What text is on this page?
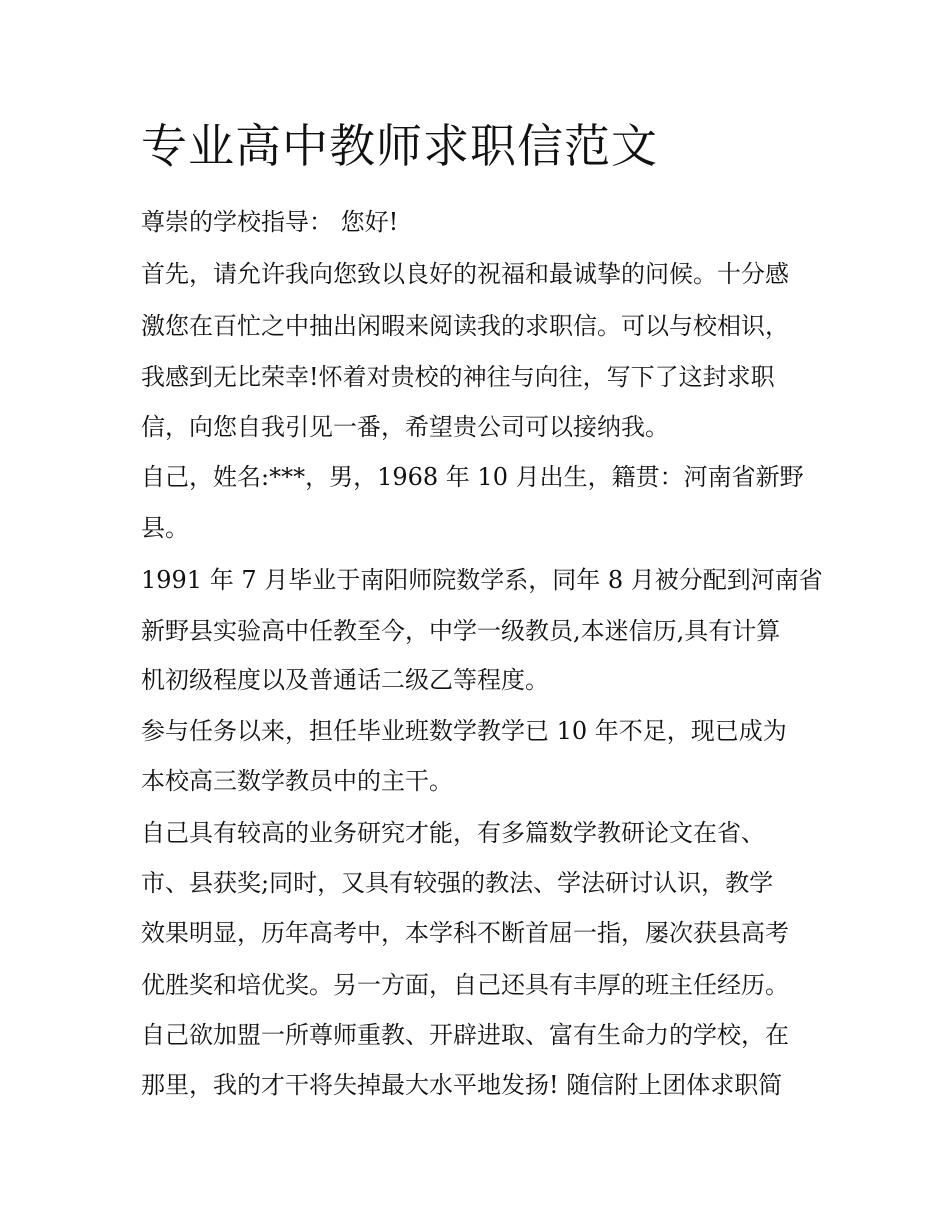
专业高中教师求职信范文

尊崇的学校指导： 您好!

首先，请允许我向您致以良好的祝福和最诚挚的问候。十分感

激您在百忙之中抽出闲暇来阅读我的求职信。可以与校相识，

我感到无比荣幸!怀着对贵校的神往与向往，写下了这封求职

信，向您自我引见一番，希望贵公司可以接纳我。

自己，姓名:***，男，1968 年 10 月出生，籍贯：河南省新野

县。

1991 年 7 月毕业于南阳师院数学系，同年 8 月被分配到河南省

新野县实验高中任教至今，中学一级教员,本迷信历,具有计算

机初级程度以及普通话二级乙等程度。

参与任务以来，担任毕业班数学教学已 10 年不足，现已成为

本校高三数学教员中的主干。

自己具有较高的业务研究才能，有多篇数学教研论文在省、

市、县获奖;同时，又具有较强的教法、学法研讨认识，教学

效果明显，历年高考中，本学科不断首屈一指，屡次获县高考

优胜奖和培优奖。另一方面，自己还具有丰厚的班主任经历。

自己欲加盟一所尊师重教、开辟进取、富有生命力的学校，在

那里，我的才干将失掉最大水平地发扬! 随信附上团体求职简
